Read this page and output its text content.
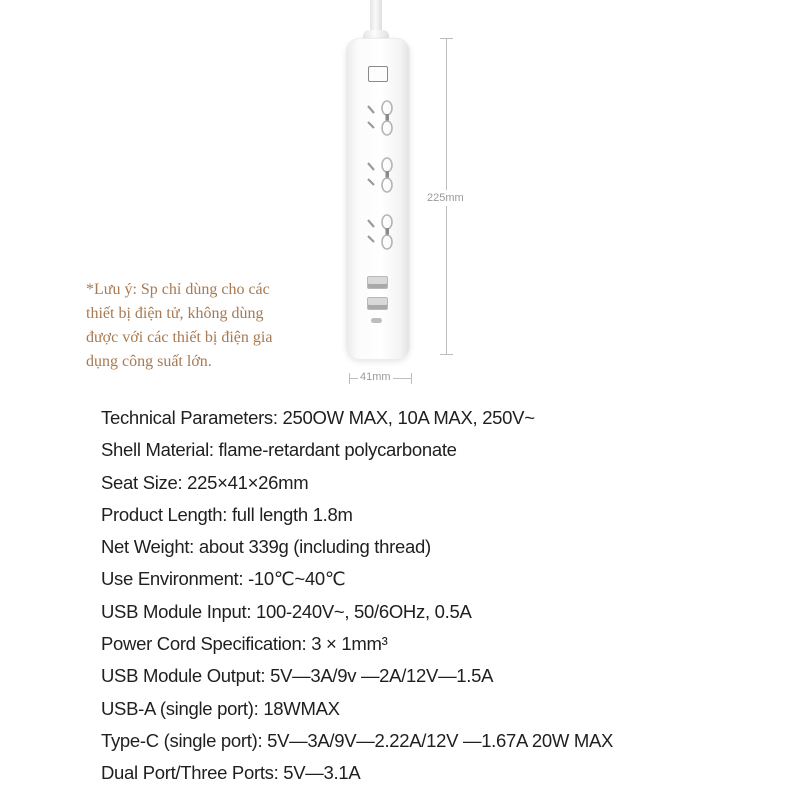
225mm
41mm
*Lưu ý: Sp chỉ dùng cho các thiết bị điện tử, không dùng được với các thiết bị điện gia dụng công suất lớn.
Technical Parameters: 250OW MAX, 10A MAX, 250V~
Shell Material: flame-retardant polycarbonate
Seat Size: 225×41×26mm
Product Length: full length 1.8m
Net Weight: about 339g (including thread)
Use Environment: -10℃~40℃
USB Module Input: 100-240V~, 50/6OHz, 0.5A
Power Cord Specification: 3 × 1mm³
USB Module Output: 5V—3A/9v —2A/12V—1.5A
USB-A (single port): 18WMAX
Type-C (single port): 5V—3A/9V—2.22A/12V —1.67A 20W MAX
Dual Port/Three Ports: 5V—3.1A
